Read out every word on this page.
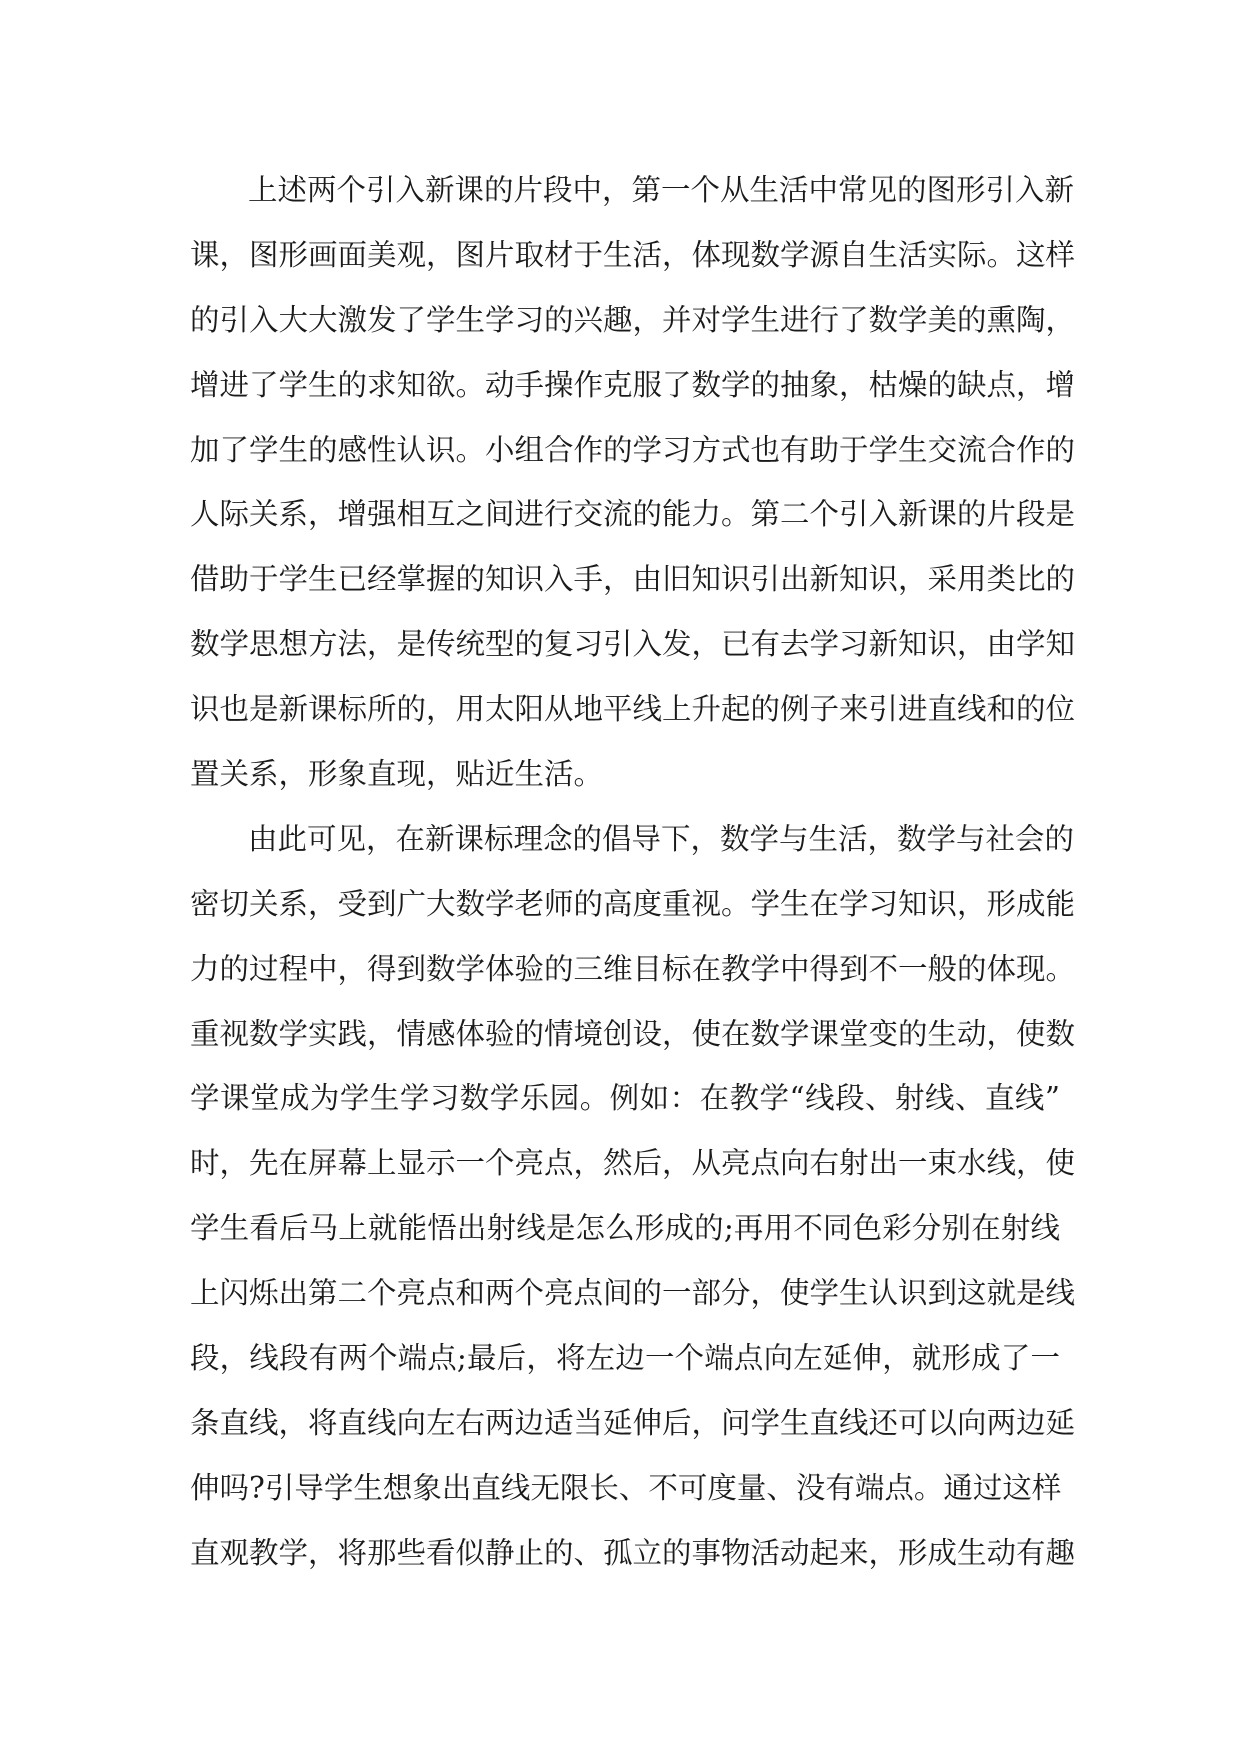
上述两个引入新课的片段中，第一个从生活中常见的图形引入新
课，图形画面美观，图片取材于生活，体现数学源自生活实际。这样
的引入大大激发了学生学习的兴趣，并对学生进行了数学美的熏陶，
增进了学生的求知欲。动手操作克服了数学的抽象，枯燥的缺点，增
加了学生的感性认识。小组合作的学习方式也有助于学生交流合作的
人际关系，增强相互之间进行交流的能力。第二个引入新课的片段是
借助于学生已经掌握的知识入手，由旧知识引出新知识，采用类比的
数学思想方法，是传统型的复习引入发，已有去学习新知识，由学知
识也是新课标所的，用太阳从地平线上升起的例子来引进直线和的位
置关系，形象直现，贴近生活。
由此可见，在新课标理念的倡导下，数学与生活，数学与社会的
密切关系，受到广大数学老师的高度重视。学生在学习知识，形成能
力的过程中，得到数学体验的三维目标在教学中得到不一般的体现。
重视数学实践，情感体验的情境创设，使在数学课堂变的生动，使数
学课堂成为学生学习数学乐园。例如：在教学“线段、射线、直线”
时，先在屏幕上显示一个亮点，然后，从亮点向右射出一束水线，使
学生看后马上就能悟出射线是怎么形成的;再用不同色彩分别在射线
上闪烁出第二个亮点和两个亮点间的一部分，使学生认识到这就是线
段，线段有两个端点;最后，将左边一个端点向左延伸，就形成了一
条直线，将直线向左右两边适当延伸后，问学生直线还可以向两边延
伸吗?引导学生想象出直线无限长、不可度量、没有端点。通过这样
直观教学，将那些看似静止的、孤立的事物活动起来，形成生动有趣
